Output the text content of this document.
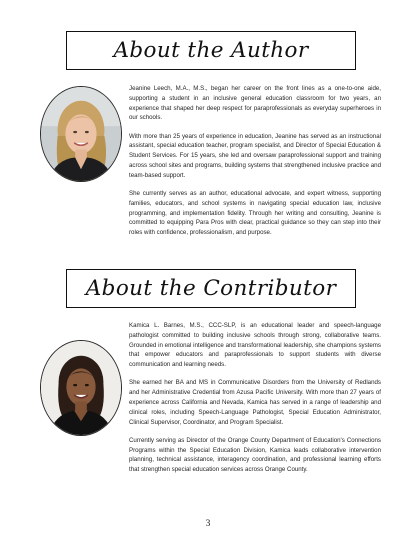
About the Author

Jeanine Leech, M.A., M.S., began her career on the front lines as a one-to-one aide, supporting a student in an inclusive general education classroom for two years, an experience that shaped her deep respect for paraprofessionals as everyday superheroes in our schools.

With more than 25 years of experience in education, Jeanine has served as an instructional assistant, special education teacher, program specialist, and Director of Special Education & Student Services. For 15 years, she led and oversaw paraprofessional support and training across school sites and programs, building systems that strengthened inclusive practice and team-based support.

She currently serves as an author, educational advocate, and expert witness, supporting families, educators, and school systems in navigating special education law, inclusive programming, and implementation fidelity. Through her writing and consulting, Jeanine is committed to equipping Para Pros with clear, practical guidance so they can step into their roles with confidence, professionalism, and purpose.

About the Contributor

Kamica L. Barnes, M.S., CCC-SLP, is an educational leader and speech-language pathologist committed to building inclusive schools through strong, collaborative teams. Grounded in emotional intelligence and transformational leadership, she champions systems that empower educators and paraprofessionals to support students with diverse communication and learning needs.

She earned her BA and MS in Communicative Disorders from the University of Redlands and her Administrative Credential from Azusa Pacific University. With more than 27 years of experience across California and Nevada, Kamica has served in a range of leadership and clinical roles, including Speech-Language Pathologist, Special Education Administrator, Clinical Supervisor, Coordinator, and Program Specialist.

Currently serving as Director of the Orange County Department of Education's Connections Programs within the Special Education Division, Kamica leads collaborative intervention planning, technical assistance, interagency coordination, and professional learning efforts that strengthen special education services across Orange County.

3
